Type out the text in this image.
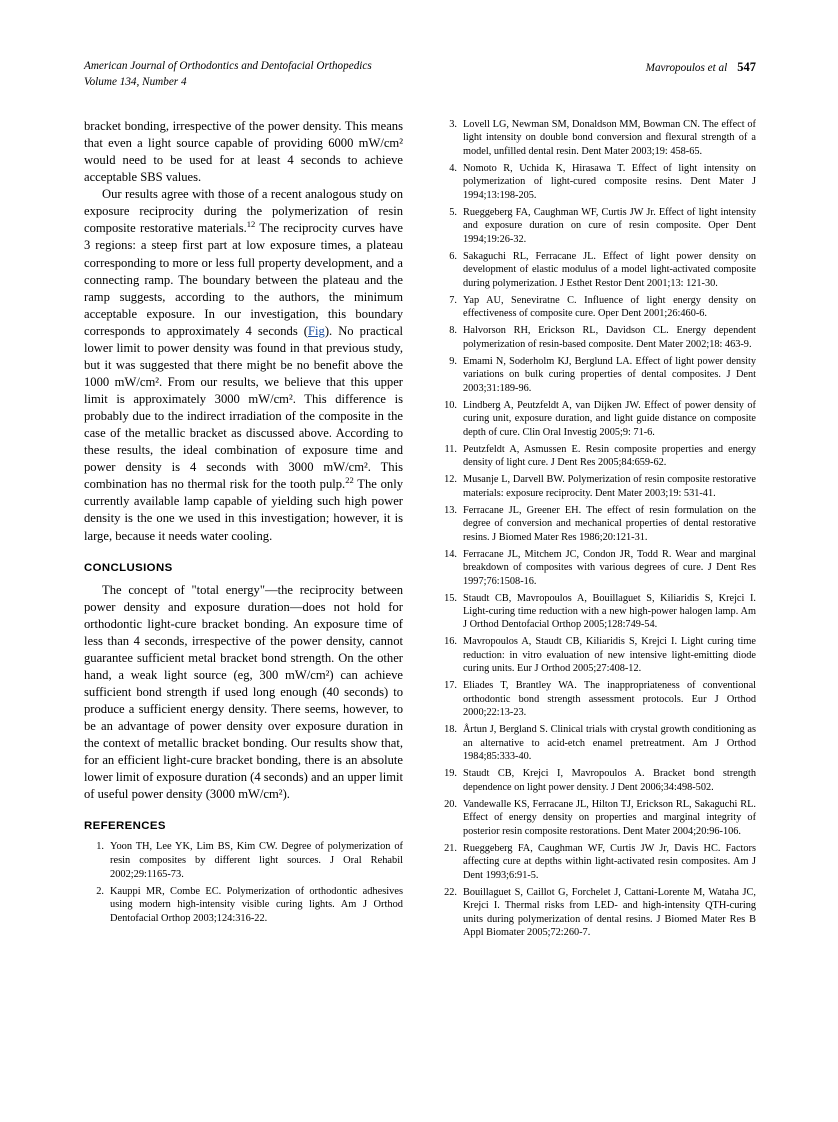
American Journal of Orthodontics and Dentofacial Orthopedics
Volume 134, Number 4
Mavropoulos et al 547

bracket bonding, irrespective of the power density. This means that even a light source capable of providing 6000 mW/cm² would need to be used for at least 4 seconds to achieve acceptable SBS values.

Our results agree with those of a recent analogous study on exposure reciprocity during the polymerization of resin composite restorative materials.$^{12}$ The reciprocity curves have 3 regions: a steep first part at low exposure times, a plateau corresponding to more or less full property development, and a connecting ramp. The boundary between the plateau and the ramp suggests, according to the authors, the minimum acceptable exposure. In our investigation, this boundary corresponds to approximately 4 seconds (Fig). No practical lower limit to power density was found in that previous study, but it was suggested that there might be no benefit above the 1000 mW/cm². From our results, we believe that this upper limit is approximately 3000 mW/cm². This difference is probably due to the indirect irradiation of the composite in the case of the metallic bracket as discussed above. According to these results, the ideal combination of exposure time and power density is 4 seconds with 3000 mW/cm². This combination has no thermal risk for the tooth pulp.$^{22}$ The only currently available lamp capable of yielding such high power density is the one we used in this investigation; however, it is large, because it needs water cooling.

CONCLUSIONS

The concept of "total energy"—the reciprocity between power density and exposure duration—does not hold for orthodontic light-cure bracket bonding. An exposure time of less than 4 seconds, irrespective of the power density, cannot guarantee sufficient metal bracket bond strength. On the other hand, a weak light source (eg, 300 mW/cm²) can achieve sufficient bond strength if used long enough (40 seconds) to produce a sufficient energy density. There seems, however, to be an advantage of power density over exposure duration in the context of metallic bracket bonding. Our results show that, for an efficient light-cure bracket bonding, there is an absolute lower limit of exposure duration (4 seconds) and an upper limit of useful power density (3000 mW/cm²).

REFERENCES
1. Yoon TH, Lee YK, Lim BS, Kim CW. Degree of polymerization of resin composites by different light sources. J Oral Rehabil 2002;29:1165-73.
2. Kauppi MR, Combe EC. Polymerization of orthodontic adhesives using modern high-intensity visible curing lights. Am J Orthod Dentofacial Orthop 2003;124:316-22.
3. Lovell LG, Newman SM, Donaldson MM, Bowman CN. The effect of light intensity on double bond conversion and flexural strength of a model, unfilled dental resin. Dent Mater 2003;19: 458-65.
4. Nomoto R, Uchida K, Hirasawa T. Effect of light intensity on polymerization of light-cured composite resins. Dent Mater J 1994;13:198-205.
5. Rueggeberg FA, Caughman WF, Curtis JW Jr. Effect of light intensity and exposure duration on cure of resin composite. Oper Dent 1994;19:26-32.
6. Sakaguchi RL, Ferracane JL. Effect of light power density on development of elastic modulus of a model light-activated composite during polymerization. J Esthet Restor Dent 2001;13: 121-30.
7. Yap AU, Seneviratne C. Influence of light energy density on effectiveness of composite cure. Oper Dent 2001;26:460-6.
8. Halvorson RH, Erickson RL, Davidson CL. Energy dependent polymerization of resin-based composite. Dent Mater 2002;18: 463-9.
9. Emami N, Soderholm KJ, Berglund LA. Effect of light power density variations on bulk curing properties of dental composites. J Dent 2003;31:189-96.
10. Lindberg A, Peutzfeldt A, van Dijken JW. Effect of power density of curing unit, exposure duration, and light guide distance on composite depth of cure. Clin Oral Investig 2005;9: 71-6.
11. Peutzfeldt A, Asmussen E. Resin composite properties and energy density of light cure. J Dent Res 2005;84:659-62.
12. Musanje L, Darvell BW. Polymerization of resin composite restorative materials: exposure reciprocity. Dent Mater 2003;19: 531-41.
13. Ferracane JL, Greener EH. The effect of resin formulation on the degree of conversion and mechanical properties of dental restorative resins. J Biomed Mater Res 1986;20:121-31.
14. Ferracane JL, Mitchem JC, Condon JR, Todd R. Wear and marginal breakdown of composites with various degrees of cure. J Dent Res 1997;76:1508-16.
15. Staudt CB, Mavropoulos A, Bouillaguet S, Kiliaridis S, Krejci I. Light-curing time reduction with a new high-power halogen lamp. Am J Orthod Dentofacial Orthop 2005;128:749-54.
16. Mavropoulos A, Staudt CB, Kiliaridis S, Krejci I. Light curing time reduction: in vitro evaluation of new intensive light-emitting diode curing units. Eur J Orthod 2005;27:408-12.
17. Eliades T, Brantley WA. The inappropriateness of conventional orthodontic bond strength assessment protocols. Eur J Orthod 2000;22:13-23.
18. Årtun J, Bergland S. Clinical trials with crystal growth conditioning as an alternative to acid-etch enamel pretreatment. Am J Orthod 1984;85:333-40.
19. Staudt CB, Krejci I, Mavropoulos A. Bracket bond strength dependence on light power density. J Dent 2006;34:498-502.
20. Vandewalle KS, Ferracane JL, Hilton TJ, Erickson RL, Sakaguchi RL. Effect of energy density on properties and marginal integrity of posterior resin composite restorations. Dent Mater 2004;20:96-106.
21. Rueggeberg FA, Caughman WF, Curtis JW Jr, Davis HC. Factors affecting cure at depths within light-activated resin composites. Am J Dent 1993;6:91-5.
22. Bouillaguet S, Caillot G, Forchelet J, Cattani-Lorente M, Wataha JC, Krejci I. Thermal risks from LED- and high-intensity QTH-curing units during polymerization of dental resins. J Biomed Mater Res B Appl Biomater 2005;72:260-7.
